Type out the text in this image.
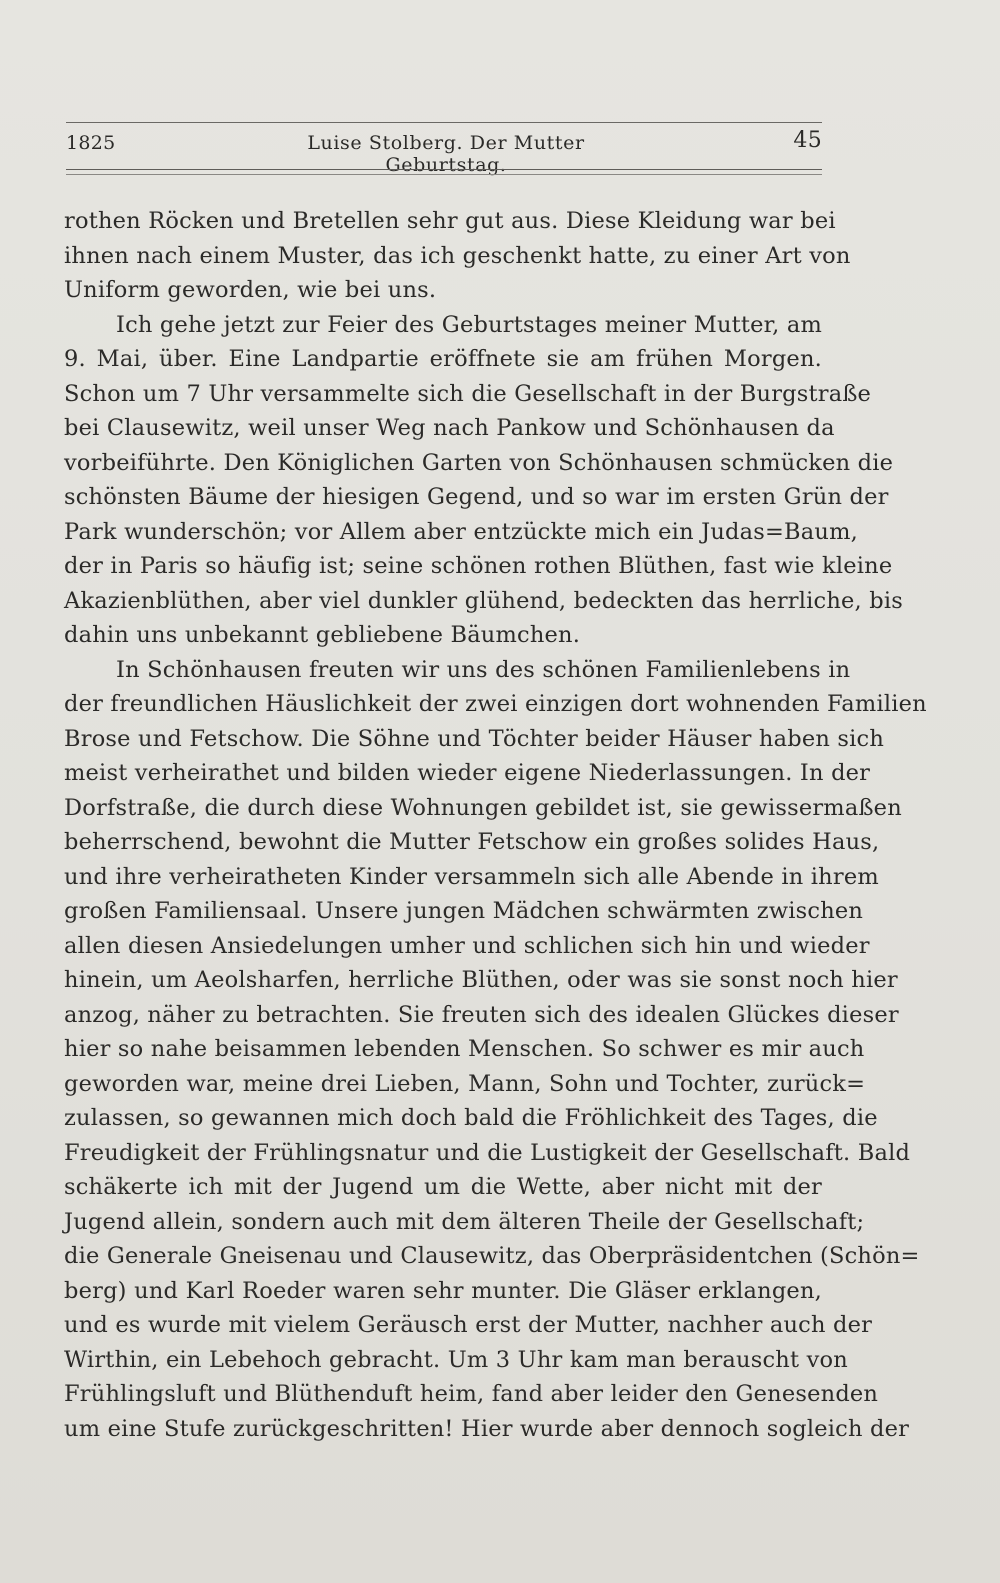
1825	Luise Stolberg. Der Mutter Geburtstag.
45
rothen Röcken und Bretellen sehr gut aus. Diese Kleidung war bei
ihnen nach einem Muster, das ich geschenkt hatte, zu einer Art von
Uniform geworden, wie bei uns.
Ich gehe jetzt zur Feier des Geburtstages meiner Mutter, am
9. Mai, über. Eine Landpartie eröffnete sie am frühen Morgen.
Schon um 7 Uhr versammelte sich die Gesellschaft in der Burgstraße
bei Clausewitz, weil unser Weg nach Pankow und Schönhausen da
vorbeiführte. Den Königlichen Garten von Schönhausen schmücken die
schönsten Bäume der hiesigen Gegend, und so war im ersten Grün der
Park wunderschön; vor Allem aber entzückte mich ein Judas=Baum,
der in Paris so häufig ist; seine schönen rothen Blüthen, fast wie kleine
Akazienblüthen, aber viel dunkler glühend, bedeckten das herrliche, bis
dahin uns unbekannt gebliebene Bäumchen.
In Schönhausen freuten wir uns des schönen Familienlebens in
der freundlichen Häuslichkeit der zwei einzigen dort wohnenden Familien
Brose und Fetschow. Die Söhne und Töchter beider Häuser haben sich
meist verheirathet und bilden wieder eigene Niederlassungen. In der
Dorfstraße, die durch diese Wohnungen gebildet ist, sie gewissermaßen
beherrschend, bewohnt die Mutter Fetschow ein großes solides Haus,
und ihre verheiratheten Kinder versammeln sich alle Abende in ihrem
großen Familiensaal. Unsere jungen Mädchen schwärmten zwischen
allen diesen Ansiedelungen umher und schlichen sich hin und wieder
hinein, um Aeolsharfen, herrliche Blüthen, oder was sie sonst noch hier
anzog, näher zu betrachten. Sie freuten sich des idealen Glückes dieser
hier so nahe beisammen lebenden Menschen. So schwer es mir auch
geworden war, meine drei Lieben, Mann, Sohn und Tochter, zurück=
zulassen, so gewannen mich doch bald die Fröhlichkeit des Tages, die
Freudigkeit der Frühlingsnatur und die Lustigkeit der Gesellschaft. Bald
schäkerte ich mit der Jugend um die Wette, aber nicht mit der
Jugend allein, sondern auch mit dem älteren Theile der Gesellschaft;
die Generale Gneisenau und Clausewitz, das Oberpräsidentchen (Schön=
berg) und Karl Roeder waren sehr munter. Die Gläser erklangen,
und es wurde mit vielem Geräusch erst der Mutter, nachher auch der
Wirthin, ein Lebehoch gebracht. Um 3 Uhr kam man berauscht von
Frühlingsluft und Blüthenduft heim, fand aber leider den Genesenden
um eine Stufe zurückgeschritten! Hier wurde aber dennoch sogleich der
